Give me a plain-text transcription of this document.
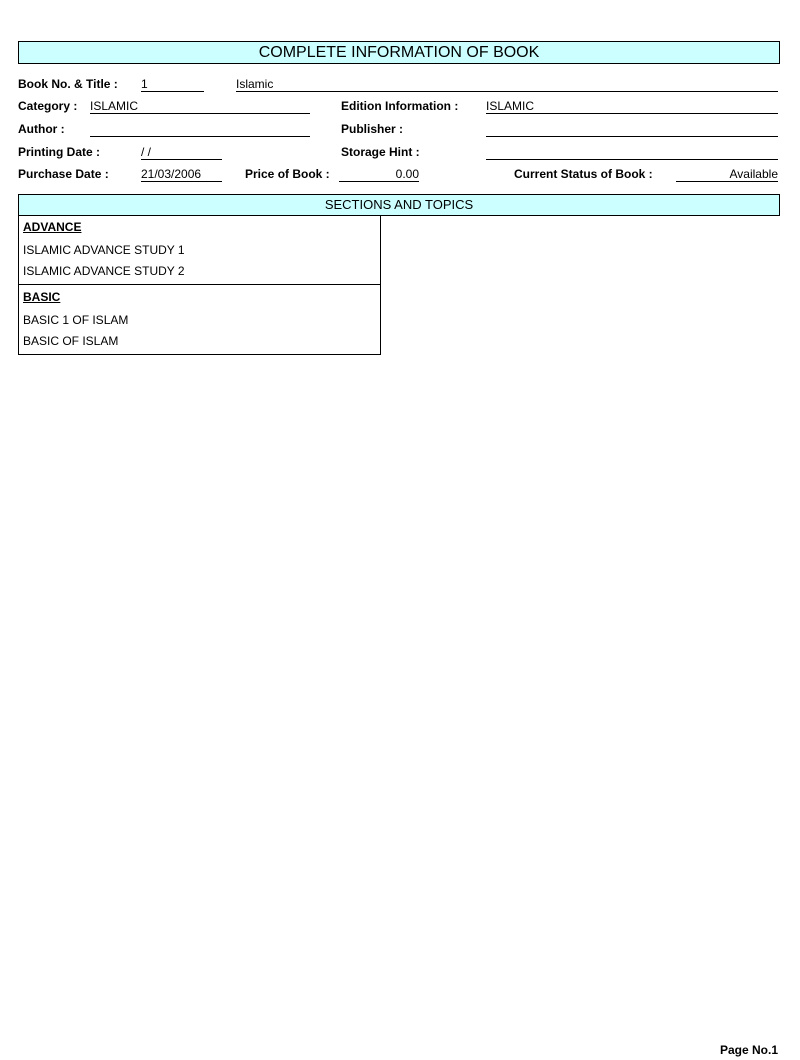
COMPLETE INFORMATION OF BOOK
Book No. & Title : 1	Islamic
Category : ISLAMIC	Edition Information : ISLAMIC
Author :	Publisher :
Printing Date :	/ /	Storage Hint :
Purchase Date :	21/03/2006	Price of Book :	0.00	Current Status of Book :	Available
SECTIONS AND TOPICS
ADVANCE
ISLAMIC ADVANCE STUDY 1
ISLAMIC ADVANCE STUDY 2
BASIC
BASIC 1 OF ISLAM
BASIC OF ISLAM
Page No.1
